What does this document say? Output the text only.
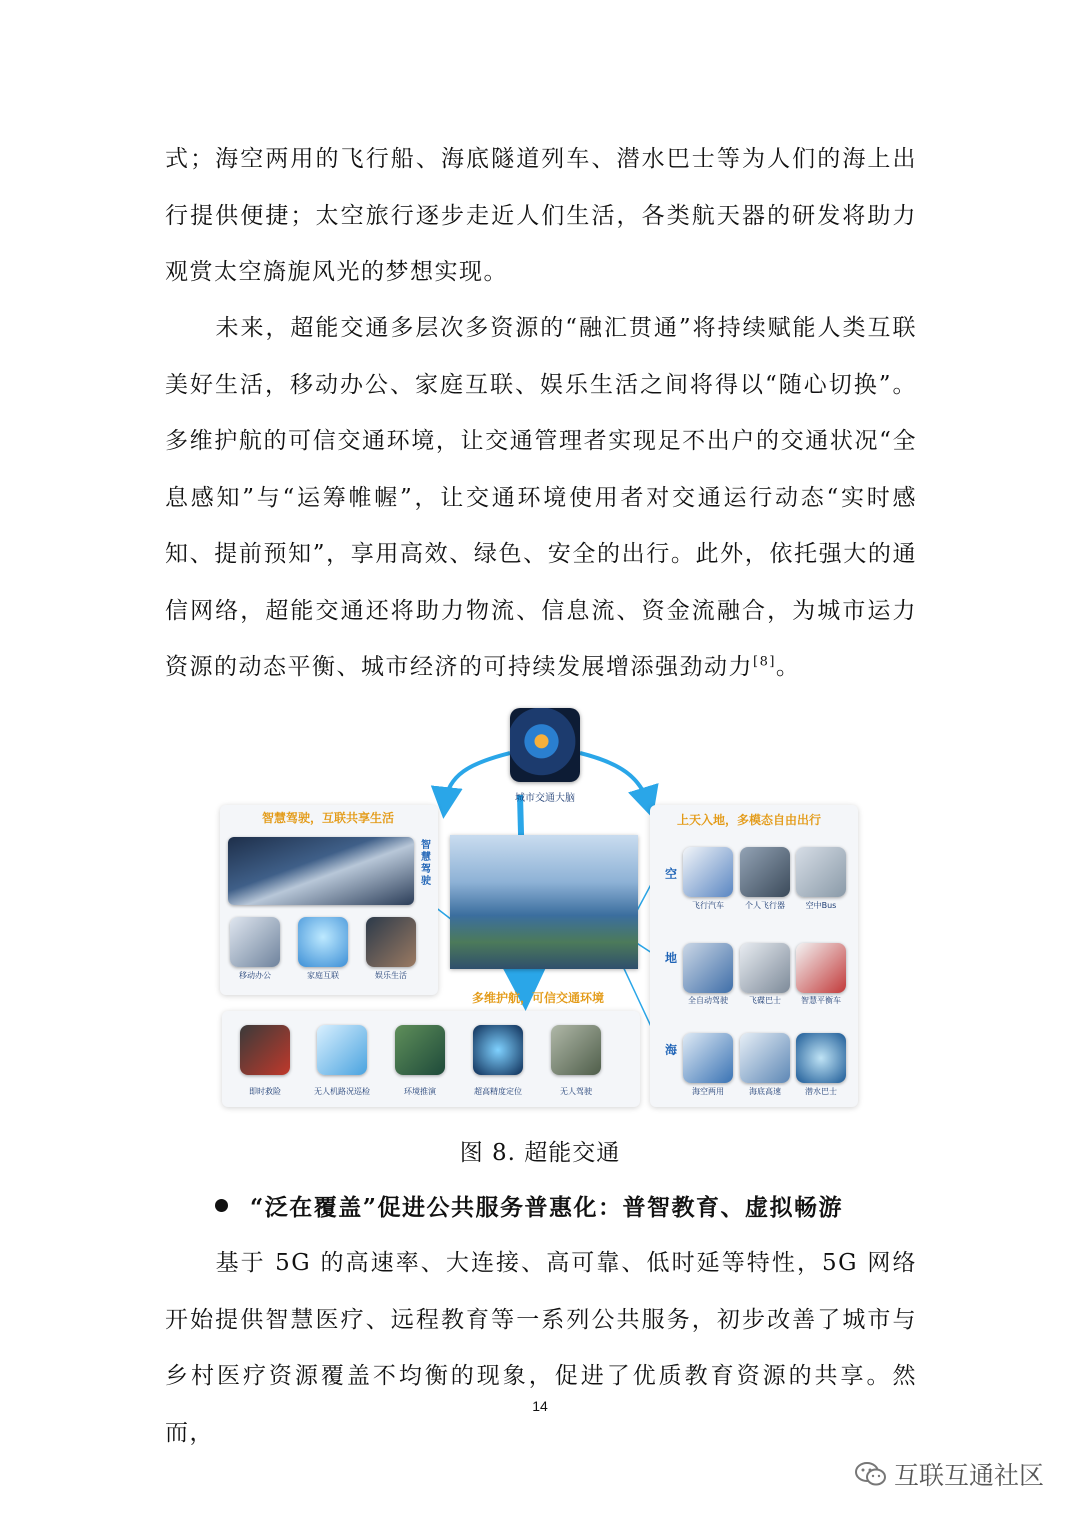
式；海空两用的飞行船、海底隧道列车、潜水巴士等为人们的海上出行提供便捷；太空旅行逐步走近人们生活，各类航天器的研发将助力观赏太空旖旎风光的梦想实现。

未来，超能交通多层次多资源的“融汇贯通”将持续赋能人类互联美好生活，移动办公、家庭互联、娱乐生活之间将得以“随心切换”。多维护航的可信交通环境，让交通管理者实现足不出户的交通状况“全息感知”与“运筹帷幄”，让交通环境使用者对交通运行动态“实时感知、提前预知”，享用高效、绿色、安全的出行。此外，依托强大的通信网络，超能交通还将助力物流、信息流、资金流融合，为城市运力资源的动态平衡、城市经济的可持续发展增添强劲动力[8]。

城市交通大脑
智慧驾驶，互联共享生活
智慧驾驶
移动办公	家庭互联	娱乐生活
上天入地，多模态自由出行
空
飞行汽车	个人飞行器	空中Bus
地
全自动驾驶	飞碟巴士	智慧平衡车
海
海空两用	海底高速	潜水巴士
多维护航，可信交通环境
即时救险	无人机路况巡检	环境推演	超高精度定位	无人驾驶
图 8. 超能交通
“泛在覆盖”促进公共服务普惠化：普智教育、虚拟畅游

基于 5G 的高速率、大连接、高可靠、低时延等特性，5G 网络开始提供智慧医疗、远程教育等一系列公共服务，初步改善了城市与乡村医疗资源覆盖不均衡的现象，促进了优质教育资源的共享。然而，

14
互联互通社区
